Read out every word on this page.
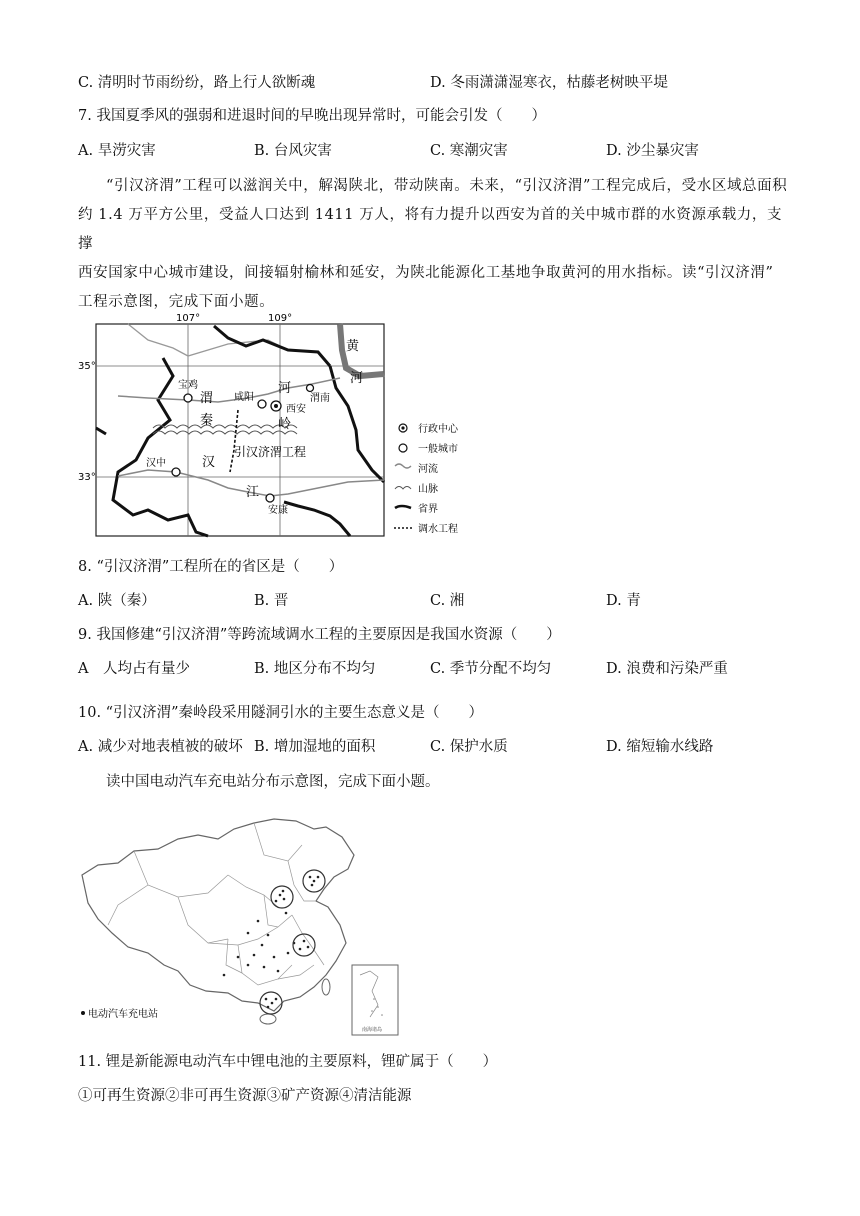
C. 清明时节雨纷纷，路上行人欲断魂	D. 冬雨潇潇湿寒衣，枯藤老树映平堤
7. 我国夏季风的强弱和进退时间的早晚出现异常时，可能会引发（　　）
A. 旱涝灾害	B. 台风灾害	C. 寒潮灾害	D. 沙尘暴灾害

“引汉济渭”工程可以滋润关中，解渴陕北，带动陕南。未来，“引汉济渭”工程完成后，受水区域总面积

约 1.4 万平方公里，受益人口达到 1411 万人，将有力提升以西安为首的关中城市群的水资源承载力，支撑

西安国家中心城市建设，间接辐射榆林和延安，为陕北能源化工基地争取黄河的用水指标。读“引汉济渭”

工程示意图，完成下面小题。

107°	109°
35°
33°
宝鸡
咸阳
西安
渭南
汉中
安康
黄
河
渭
河
秦	岭
汉
江
引汉济渭工程
行政中心
一般城市
河流
山脉
省界
调水工程
8. “引汉济渭”工程所在的省区是（　　）
A. 陕（秦）	B. 晋	C. 湘	D. 青
9. 我国修建“引汉济渭”等跨流域调水工程的主要原因是我国水资源（　　）
A　人均占有量少	B. 地区分布不均匀	C. 季节分配不均匀	D. 浪费和污染严重
10. “引汉济渭”秦岭段采用隧洞引水的主要生态意义是（　　）
A. 减少对地表植被的破坏 B. 增加湿地的面积	C. 保护水质	D. 缩短输水线路
读中国电动汽车充电站分布示意图，完成下面小题。
南海诸岛
电动汽车充电站
11. 锂是新能源电动汽车中锂电池的主要原料，锂矿属于（　　）
①可再生资源②非可再生资源③矿产资源④清洁能源
